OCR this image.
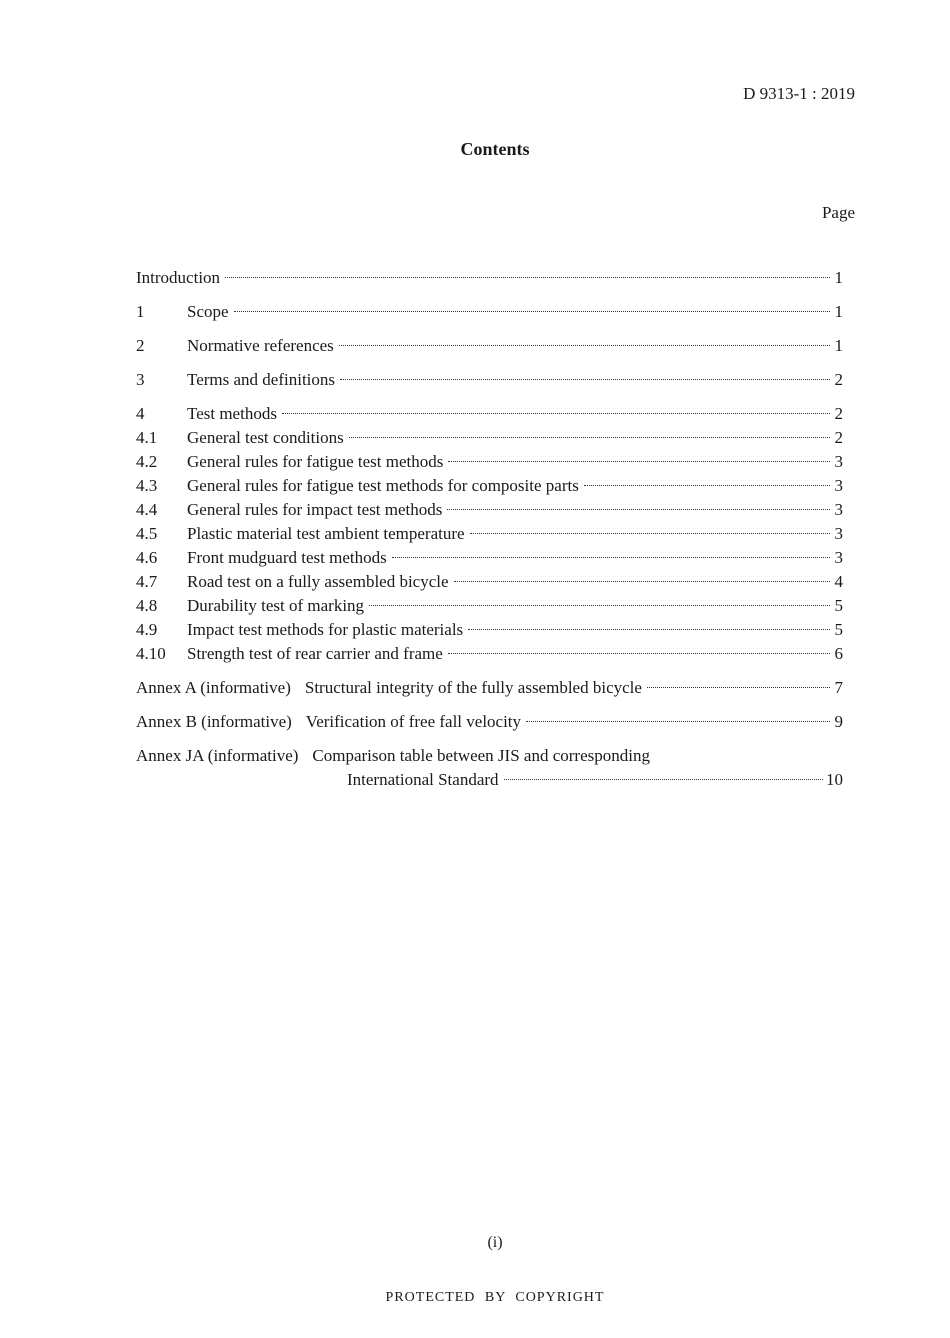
D 9313-1 : 2019
Contents
Page
Introduction	1
1	Scope	1
2	Normative references	1
3	Terms and definitions	2
4	Test methods	2
4.1	General test conditions	2
4.2	General rules for fatigue test methods	3
4.3	General rules for fatigue test methods for composite parts	3
4.4	General rules for impact test methods	3
4.5	Plastic material test ambient temperature	3
4.6	Front mudguard test methods	3
4.7	Road test on a fully assembled bicycle	4
4.8	Durability test of marking	5
4.9	Impact test methods for plastic materials	5
4.10	Strength test of rear carrier and frame	6
Annex A (informative) Structural integrity of the fully assembled bicycle	7
Annex B (informative) Verification of free fall velocity	9
Annex JA (informative) Comparison table between JIS and corresponding
International Standard	10
(i)
PROTECTED BY COPYRIGHT
